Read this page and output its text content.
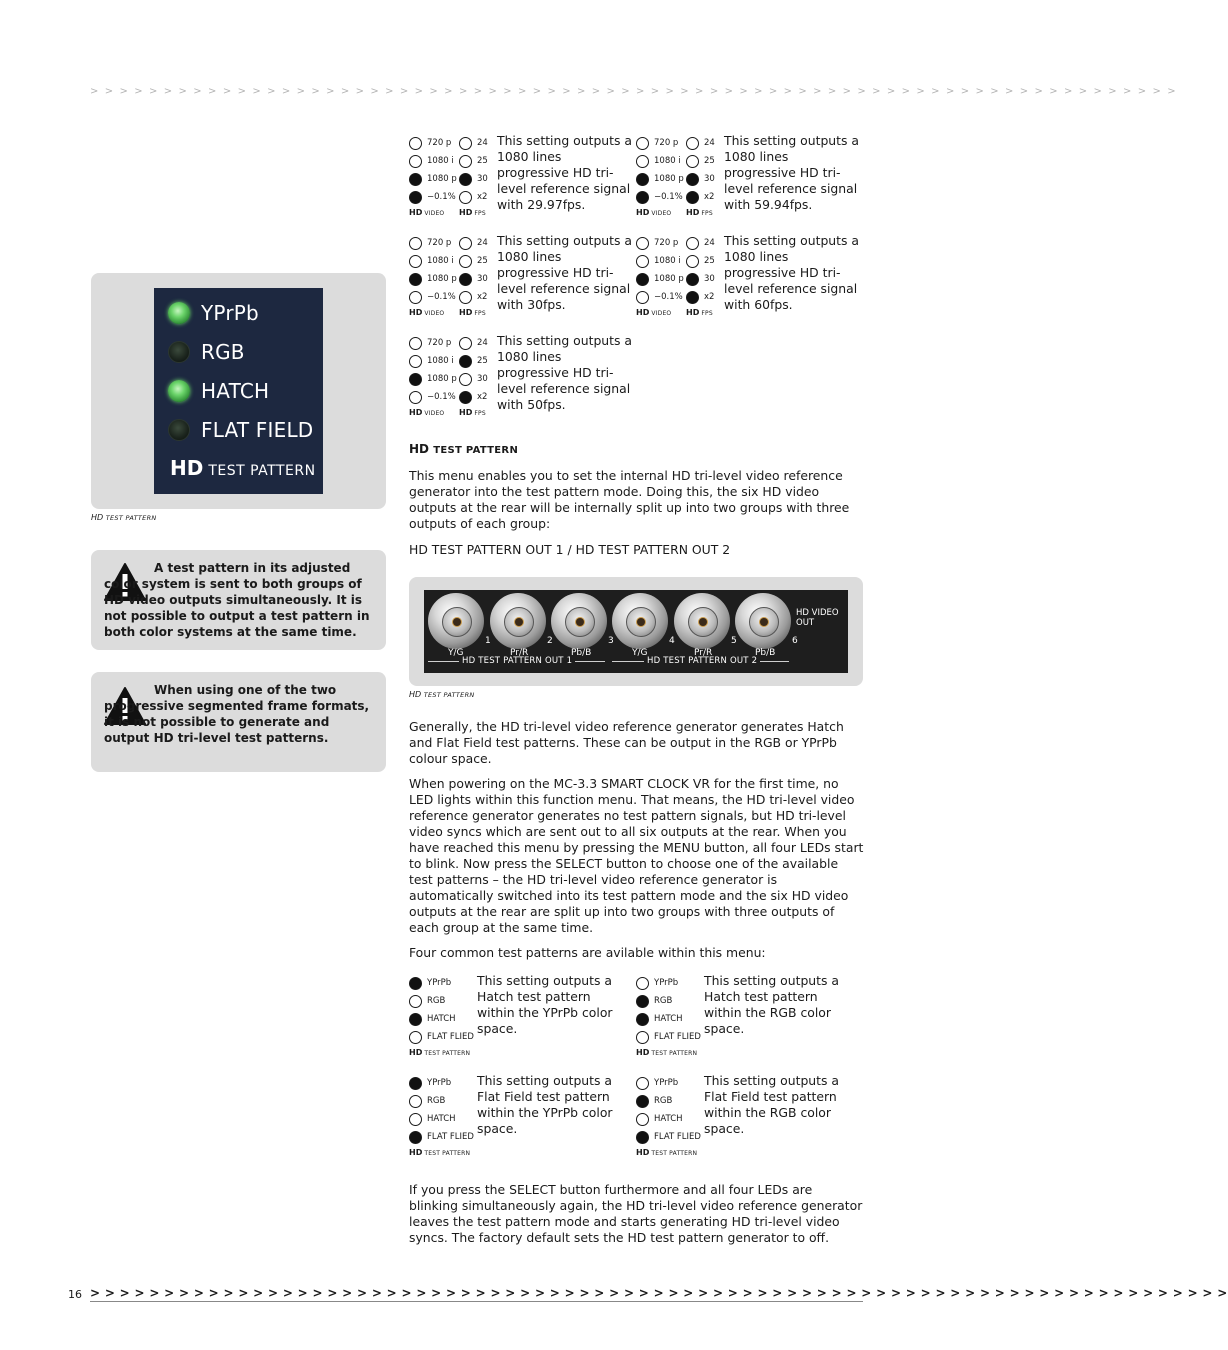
> > > > > > > > > > > > > > > > > > > > > > > > > > > > > > > > > > > > > > > > > > > > > > > > > > > > > > > > > > > > > > > > > > > > > > > > > >
YPrPb
RGB
HATCH
FLAT FIELD
HD TEST PATTERN
HD TEST PATTERN
A test pattern in its adjusted color system is sent to both groups of HD video outputs simultaneously. It is not possible to output a test pattern in both color systems at the same time.
When using one of the two progressive segmented frame formats, it is not possible to generate and output HD tri-level test patterns.
720 p	24
1080 i	25
1080 p 30
−0.1%	x2
HD VIDEO HD FPS
This setting outputs a 1080 lines progressive HD tri-level reference signal with 29.97fps.
720 p	24
1080 i	25
1080 p 30
−0.1%	x2
HD VIDEO HD FPS
This setting outputs a 1080 lines progressive HD tri-level reference signal with 59.94fps.
720 p	24
1080 i	25
1080 p 30
−0.1%	x2
HD VIDEO HD FPS
This setting outputs a 1080 lines progressive HD tri-level reference signal with 30fps.
720 p	24
1080 i	25
1080 p 30
−0.1%	x2
HD VIDEO HD FPS
This setting outputs a 1080 lines progressive HD tri-level reference signal with 60fps.
720 p	24
1080 i	25
1080 p 30
−0.1%	x2
HD VIDEO HD FPS
This setting outputs a 1080 lines progressive HD tri-level reference signal with 50fps.
HD TEST PATTERN
This menu enables you to set the internal HD tri-level video reference generator into the test pattern mode. Doing this, the six HD video outputs at the rear will be internally split up into two groups with three outputs of each group:
HD TEST PATTERN OUT 1 / HD TEST PATTERN OUT 2
HD VIDEO
OUT
HD TEST PATTERN OUT 1	HD TEST PATTERN OUT 2
1
Y/G
2
Pr/R
3
Pb/B
4
Y/G
5
Pr/R
6
Pb/B
HD TEST PATTERN
Generally, the HD tri-level video reference generator generates Hatch and Flat Field test patterns. These can be output in the RGB or YPrPb colour space.
When powering on the MC-3.3 SMART CLOCK VR for the first time, no LED lights within this function menu. That means, the HD tri-level video reference generator generates no test pattern signals, but HD tri-level video syncs which are sent out to all six outputs at the rear. When you have reached this menu by pressing the MENU button, all four LEDs start to blink. Now press the SELECT button to choose one of the available test patterns – the HD tri-level video reference generator is automatically switched into its test pattern mode and the six HD video outputs at the rear are split up into two groups with three outputs of each group at the same time.
Four common test patterns are avilable within this menu:
YPrPb
RGB
HATCH
FLAT FLIED
HD TEST PATTERN
This setting outputs a Hatch test pattern within the YPrPb color space.
YPrPb
RGB
HATCH
FLAT FLIED
HD TEST PATTERN
This setting outputs a Hatch test pattern within the RGB color space.
YPrPb
RGB
HATCH
FLAT FLIED
HD TEST PATTERN
This setting outputs a Flat Field test pattern within the YPrPb color space.
YPrPb
RGB
HATCH
FLAT FLIED
HD TEST PATTERN
This setting outputs a Flat Field test pattern within the RGB color space.
If you press the SELECT button furthermore and all four LEDs are blinking simultaneously again, the HD tri-level video reference generator leaves the test pattern mode and starts generating HD tri-level video syncs. The factory default sets the HD test pattern generator to off.
16 > > > > > > > > > > > > > > > > > > > > > > > > > > > > > > > > > > > > > > > > > > > > > > > > > > > > > > > > > > > > > > > > > > > > > > > > > > > > >
